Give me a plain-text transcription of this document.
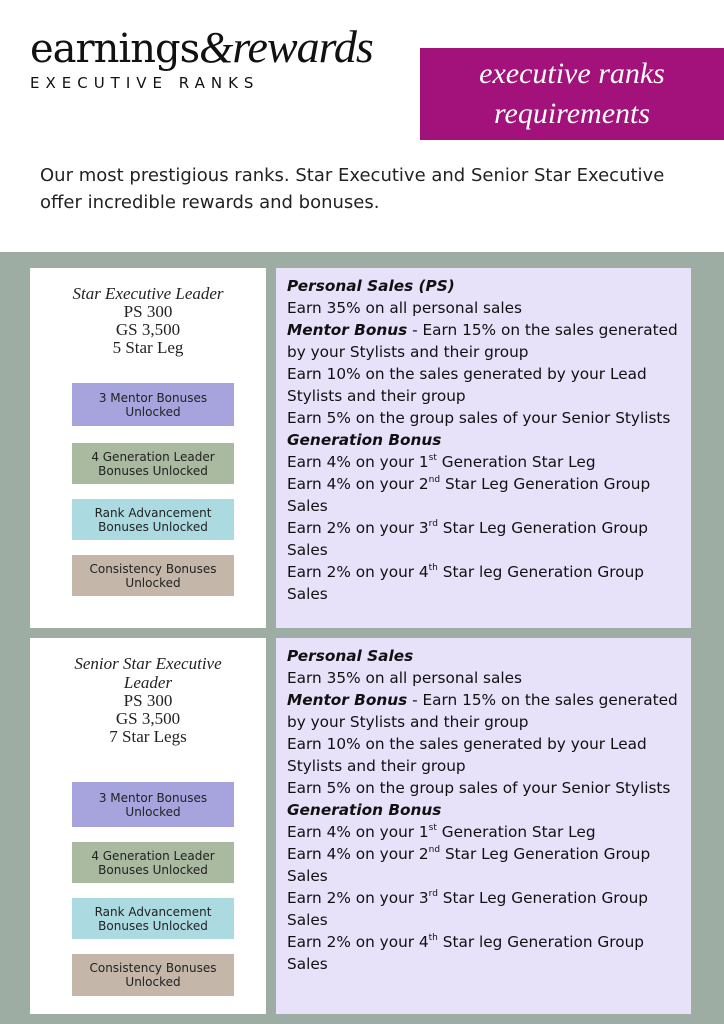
earnings&rewards
EXECUTIVE RANKS	executive ranks
requirements
Our most prestigious ranks. Star Executive and Senior Star Executive offer incredible rewards and bonuses.
Star Executive Leader
PS 300
GS 3,500
5 Star Leg
3 Mentor Bonuses Unlocked
4 Generation Leader Bonuses Unlocked
Rank Advancement Bonuses Unlocked
Consistency Bonuses Unlocked

Personal Sales (PS)

Earn 35% on all personal sales

Mentor Bonus - Earn 15% on the sales generated by your Stylists and their group

Earn 10% on the sales generated by your Lead Stylists and their group

Earn 5% on the group sales of your Senior Stylists

Generation Bonus

Earn 4% on your 1st Generation Star Leg

Earn 4% on your 2nd Star Leg Generation Group Sales

Earn 2% on your 3rd Star Leg Generation Group Sales

Earn 2% on your 4th Star leg Generation Group Sales

Senior Star Executive Leader
PS 300
GS 3,500
7 Star Legs
3 Mentor Bonuses Unlocked
4 Generation Leader Bonuses Unlocked
Rank Advancement Bonuses Unlocked
Consistency Bonuses Unlocked

Personal Sales

Earn 35% on all personal sales

Mentor Bonus - Earn 15% on the sales generated by your Stylists and their group

Earn 10% on the sales generated by your Lead Stylists and their group

Earn 5% on the group sales of your Senior Stylists

Generation Bonus

Earn 4% on your 1st Generation Star Leg

Earn 4% on your 2nd Star Leg Generation Group Sales

Earn 2% on your 3rd Star Leg Generation Group Sales

Earn 2% on your 4th Star leg Generation Group Sales
